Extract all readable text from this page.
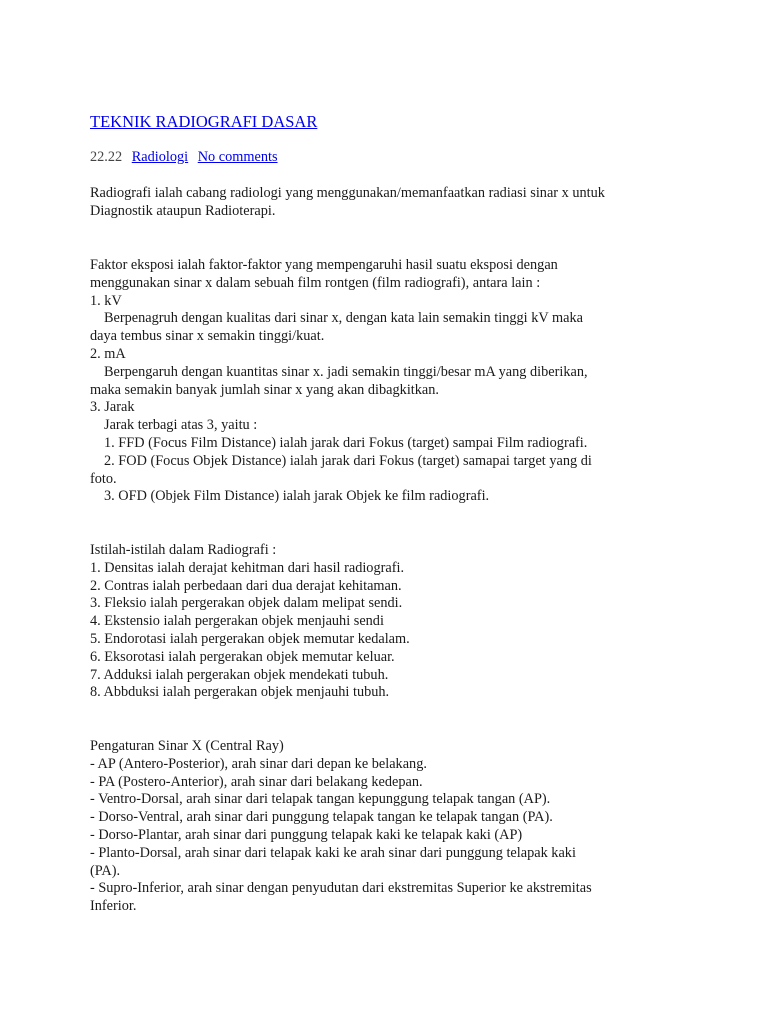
TEKNIK RADIOGRAFI DASAR
22.22 Radiologi No comments
Radiografi ialah cabang radiologi yang menggunakan/memanfaatkan radiasi sinar x untuk
Diagnostik ataupun Radioterapi.
Faktor eksposi ialah faktor-faktor yang mempengaruhi hasil suatu eksposi dengan
menggunakan sinar x dalam sebuah film rontgen (film radiografi), antara lain :
1. kV
Berpenagruh dengan kualitas dari sinar x, dengan kata lain semakin tinggi kV maka
daya tembus sinar x semakin tinggi/kuat.
2. mA
Berpengaruh dengan kuantitas sinar x. jadi semakin tinggi/besar mA yang diberikan,
maka semakin banyak jumlah sinar x yang akan dibagkitkan.
3. Jarak
Jarak terbagi atas 3, yaitu :
1. FFD (Focus Film Distance) ialah jarak dari Fokus (target) sampai Film radiografi.
2. FOD (Focus Objek Distance) ialah jarak dari Fokus (target) samapai target yang di
foto.
3. OFD (Objek Film Distance) ialah jarak Objek ke film radiografi.
Istilah-istilah dalam Radiografi :
1. Densitas ialah derajat kehitman dari hasil radiografi.
2. Contras ialah perbedaan dari dua derajat kehitaman.
3. Fleksio ialah pergerakan objek dalam melipat sendi.
4. Ekstensio ialah pergerakan objek menjauhi sendi
5. Endorotasi ialah pergerakan objek memutar kedalam.
6. Eksorotasi ialah pergerakan objek memutar keluar.
7. Adduksi ialah pergerakan objek mendekati tubuh.
8. Abbduksi ialah pergerakan objek menjauhi tubuh.
Pengaturan Sinar X (Central Ray)
- AP (Antero-Posterior), arah sinar dari depan ke belakang.
- PA (Postero-Anterior), arah sinar dari belakang kedepan.
- Ventro-Dorsal, arah sinar dari telapak tangan kepunggung telapak tangan (AP).
- Dorso-Ventral, arah sinar dari punggung telapak tangan ke telapak tangan (PA).
- Dorso-Plantar, arah sinar dari punggung telapak kaki ke telapak kaki (AP)
- Planto-Dorsal, arah sinar dari telapak kaki ke arah sinar dari punggung telapak kaki
(PA).
- Supro-Inferior, arah sinar dengan penyudutan dari ekstremitas Superior ke akstremitas
Inferior.
